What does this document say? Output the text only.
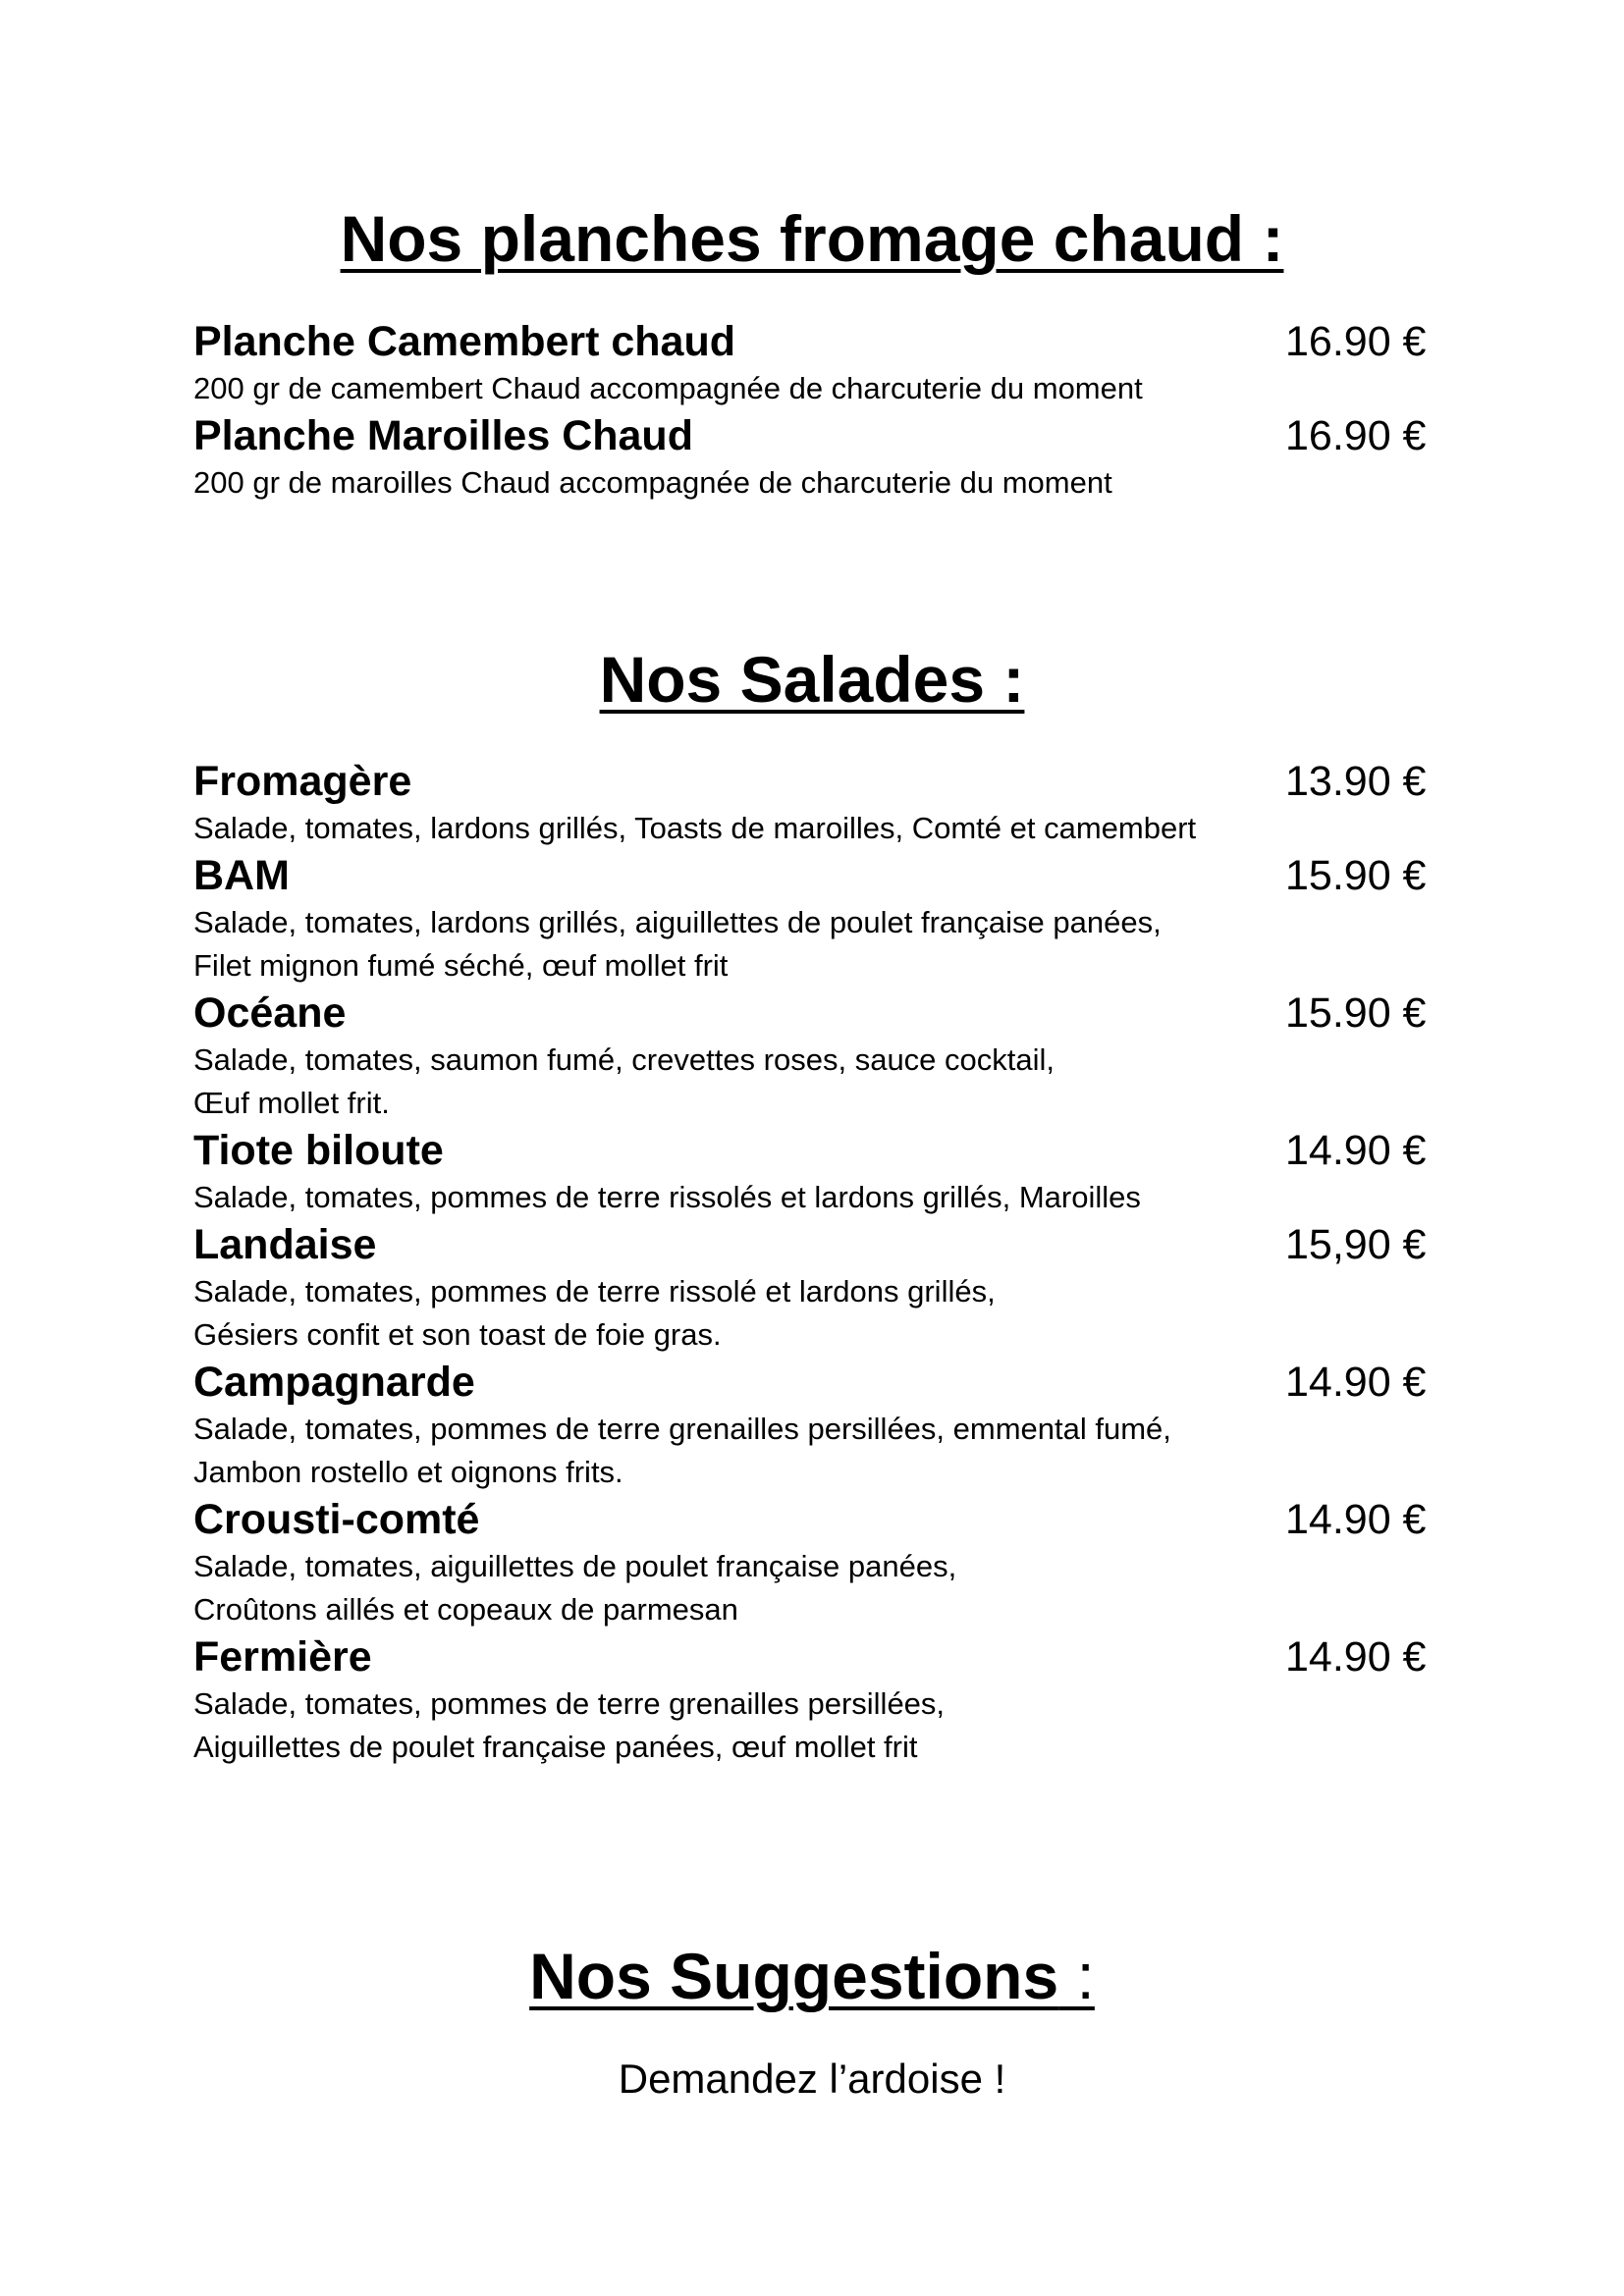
Nos planches fromage chaud :
Planche Camembert chaud	16.90 €
200 gr de camembert Chaud accompagnée de charcuterie du moment
Planche Maroilles Chaud	16.90 €
200 gr de maroilles Chaud accompagnée de charcuterie du moment
Nos Salades :
Fromagère	13.90 €
Salade, tomates, lardons grillés, Toasts de maroilles, Comté et camembert
BAM	15.90 €
Salade, tomates, lardons grillés, aiguillettes de poulet française panées,
Filet mignon fumé séché, œuf mollet frit
Océane	15.90 €
Salade, tomates, saumon fumé, crevettes roses, sauce cocktail,
Œuf mollet frit.
Tiote biloute	14.90 €
Salade, tomates, pommes de terre rissolés et lardons grillés, Maroilles
Landaise	15,90 €
Salade, tomates, pommes de terre rissolé et lardons grillés,
Gésiers confit et son toast de foie gras.
Campagnarde	14.90 €
Salade, tomates, pommes de terre grenailles persillées, emmental fumé,
Jambon rostello et oignons frits.
Crousti-comté	14.90 €
Salade, tomates, aiguillettes de poulet française panées,
Croûtons aillés et copeaux de parmesan
Fermière	14.90 €
Salade, tomates, pommes de terre grenailles persillées,
Aiguillettes de poulet française panées, œuf mollet frit
Nos Suggestions :
Demandez l’ardoise !
